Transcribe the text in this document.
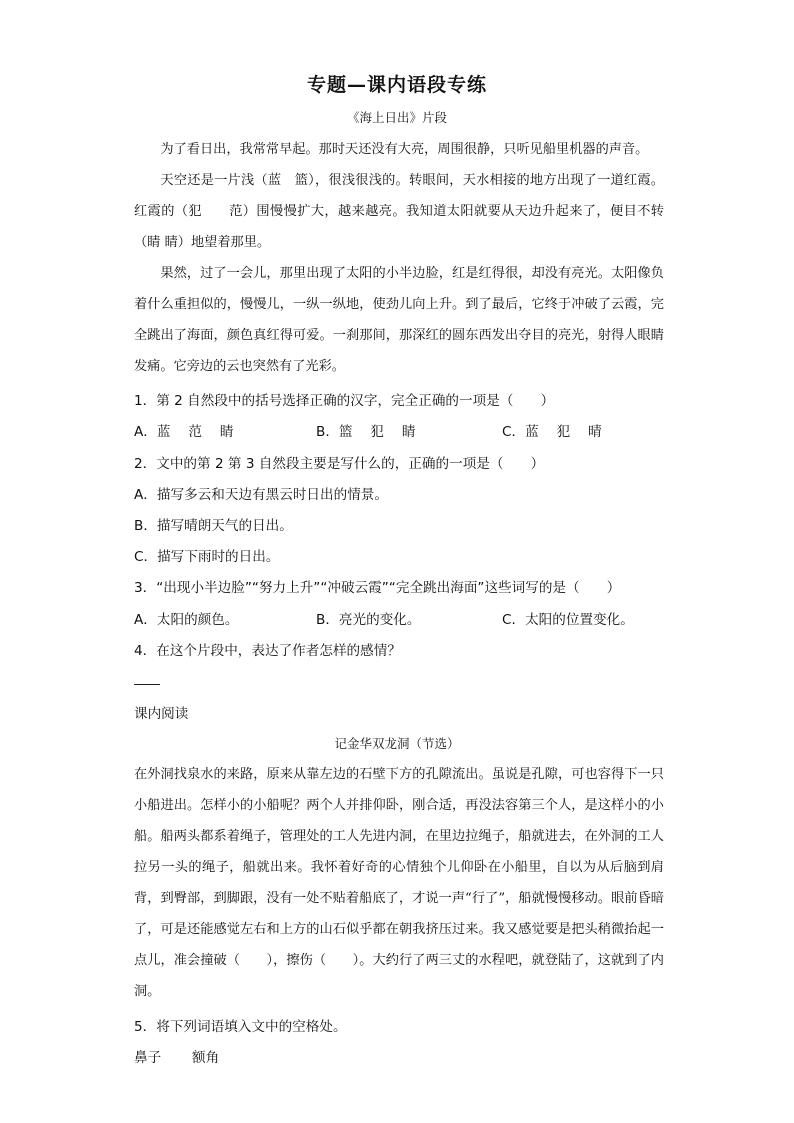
专题—课内语段专练
《海上日出》片段
为了看日出，我常常早起。那时天还没有大亮，周围很静，只听见船里机器的声音。
天空还是一片浅（蓝　篮），很浅很浅的。转眼间，天水相接的地方出现了一道红霞。红霞的（犯　　范）围慢慢扩大，越来越亮。我知道太阳就要从天边升起来了，便目不转（睛 睛）地望着那里。
果然，过了一会儿，那里出现了太阳的小半边脸，红是红得很，却没有亮光。太阳像负着什么重担似的，慢慢儿，一纵一纵地，使劲儿向上升。到了最后，它终于冲破了云霞，完全跳出了海面，颜色真红得可爱。一刹那间，那深红的圆东西发出夺目的亮光，射得人眼睛发痛。它旁边的云也突然有了光彩。
1．第 2 自然段中的括号选择正确的汉字，完全正确的一项是（　　）
A．蓝　 范　 睛	B．篮　 犯　 睛	C．蓝　 犯　 晴
2．文中的第 2 第 3 自然段主要是写什么的，正确的一项是（　　）
A．描写多云和天边有黑云时日出的情景。
B．描写晴朗天气的日出。
C．描写下雨时的日出。
3．“出现小半边脸”“努力上升”“冲破云霞”“完全跳出海面”这些词写的是（　　）
A．太阳的颜色。	B．亮光的变化。	C．太阳的位置变化。
4．在这个片段中，表达了作者怎样的感情？
课内阅读
记金华双龙洞（节选）
在外洞找泉水的来路，原来从靠左边的石壁下方的孔隙流出。虽说是孔隙，可也容得下一只小船进出。怎样小的小船呢？两个人并排仰卧，刚合适，再没法容第三个人，是这样小的小船。船两头都系着绳子，管理处的工人先进内洞，在里边拉绳子，船就进去，在外洞的工人拉另一头的绳子，船就出来。我怀着好奇的心情独个儿仰卧在小船里，自以为从后脑到肩背，到臀部，到脚跟，没有一处不贴着船底了，才说一声“行了”，船就慢慢移动。眼前昏暗了，可是还能感觉左右和上方的山石似乎都在朝我挤压过来。我又感觉要是把头稍微抬起一点儿，准会撞破（　　），擦伤（　　）。大约行了两三丈的水程吧，就登陆了，这就到了内洞。
5．将下列词语填入文中的空格处。
鼻子 额角
